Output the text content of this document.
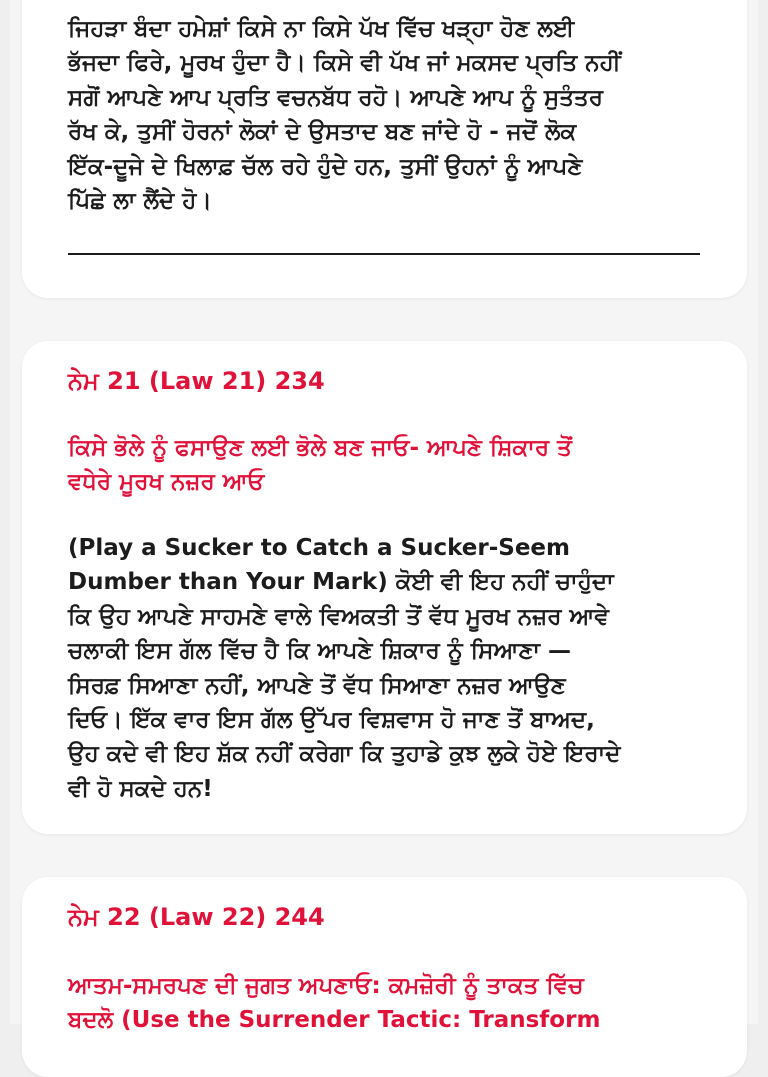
ਜਿਹੜਾ ਬੰਦਾ ਹਮੇਸ਼ਾਂ ਕਿਸੇ ਨਾ ਕਿਸੇ ਪੱਖ ਵਿੱਚ ਖੜ੍ਹਾ ਹੋਣ ਲਈ
ਭੱਜਦਾ ਫਿਰੇ, ਮੂਰਖ ਹੁੰਦਾ ਹੈ। ਕਿਸੇ ਵੀ ਪੱਖ ਜਾਂ ਮਕਸਦ ਪ੍ਰਤਿ ਨਹੀਂ
ਸਗੋਂ ਆਪਣੇ ਆਪ ਪ੍ਰਤਿ ਵਚਨਬੱਧ ਰਹੋ। ਆਪਣੇ ਆਪ ਨੂੰ ਸੁਤੰਤਰ
ਰੱਖ ਕੇ, ਤੁਸੀਂ ਹੋਰਨਾਂ ਲੋਕਾਂ ਦੇ ਉਸਤਾਦ ਬਣ ਜਾਂਦੇ ਹੋ - ਜਦੋਂ ਲੋਕ
ਇੱਕ-ਦੂਜੇ ਦੇ ਖਿਲਾਫ਼ ਚੱਲ ਰਹੇ ਹੁੰਦੇ ਹਨ, ਤੁਸੀਂ ਉਹਨਾਂ ਨੂੰ ਆਪਣੇ
ਪਿੱਛੇ ਲਾ ਲੈਂਦੇ ਹੋ।

ਨੇਮ 21 (Law 21) 234

ਕਿਸੇ ਭੋਲੇ ਨੂੰ ਫਸਾਉਣ ਲਈ ਭੋਲੇ ਬਣ ਜਾਓ- ਆਪਣੇ ਸ਼ਿਕਾਰ ਤੋਂ
ਵਧੇਰੇ ਮੂਰਖ ਨਜ਼ਰ ਆਓ

(Play a Sucker to Catch a Sucker-Seem
Dumber than Your Mark) ਕੋਈ ਵੀ ਇਹ ਨਹੀਂ ਚਾਹੁੰਦਾ
ਕਿ ਉਹ ਆਪਣੇ ਸਾਹਮਣੇ ਵਾਲੇ ਵਿਅਕਤੀ ਤੋਂ ਵੱਧ ਮੂਰਖ ਨਜ਼ਰ ਆਵੇ
ਚਲਾਕੀ ਇਸ ਗੱਲ ਵਿੱਚ ਹੈ ਕਿ ਆਪਣੇ ਸ਼ਿਕਾਰ ਨੂੰ ਸਿਆਣਾ —
ਸਿਰਫ਼ ਸਿਆਣਾ ਨਹੀਂ, ਆਪਣੇ ਤੋਂ ਵੱਧ ਸਿਆਣਾ ਨਜ਼ਰ ਆਉਣ
ਦਿਓ। ਇੱਕ ਵਾਰ ਇਸ ਗੱਲ ਉੱਪਰ ਵਿਸ਼ਵਾਸ ਹੋ ਜਾਣ ਤੋਂ ਬਾਅਦ,
ਉਹ ਕਦੇ ਵੀ ਇਹ ਸ਼ੱਕ ਨਹੀਂ ਕਰੇਗਾ ਕਿ ਤੁਹਾਡੇ ਕੁਝ ਲੁਕੇ ਹੋਏ ਇਰਾਦੇ
ਵੀ ਹੋ ਸਕਦੇ ਹਨ!

ਨੇਮ 22 (Law 22) 244

ਆਤਮ-ਸਮਰਪਣ ਦੀ ਜੁਗਤ ਅਪਣਾਓ: ਕਮਜ਼ੋਰੀ ਨੂੰ ਤਾਕਤ ਵਿੱਚ
ਬਦਲੋ (Use the Surrender Tactic: Transform
